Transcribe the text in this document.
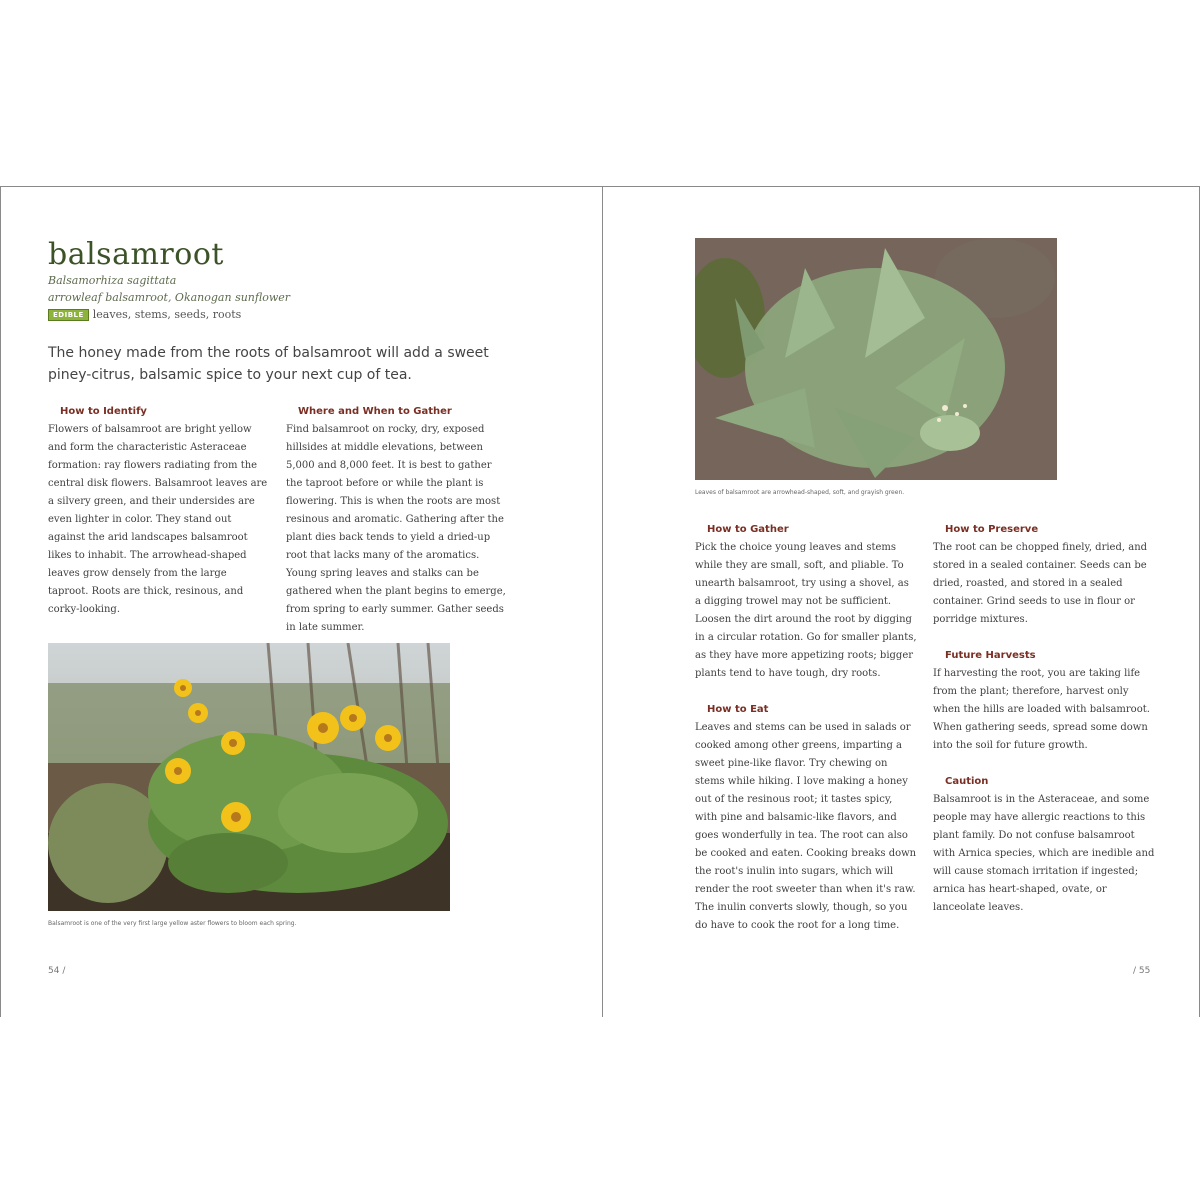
balsamroot
Balsamorhiza sagittata
arrowleaf balsamroot, Okanogan sunflower
EDIBLE leaves, stems, seeds, roots

The honey made from the roots of balsamroot will add a sweet piney-citrus, balsamic spice to your next cup of tea.

How to Identify

Flowers of balsamroot are bright yellow and form the characteristic Asteraceae formation: ray flowers radiating from the central disk flowers. Balsamroot leaves are a silvery green, and their undersides are even lighter in color. They stand out against the arid landscapes balsamroot likes to inhabit. The arrowhead-shaped leaves grow densely from the large taproot. Roots are thick, resinous, and corky-looking.

Where and When to Gather

Find balsamroot on rocky, dry, exposed hillsides at middle elevations, between 5,000 and 8,000 feet. It is best to gather the taproot before or while the plant is flowering. This is when the roots are most resinous and aromatic. Gathering after the plant dies back tends to yield a dried-up root that lacks many of the aromatics. Young spring leaves and stalks can be gathered when the plant begins to emerge, from spring to early summer. Gather seeds in late summer.

Balsamroot is one of the very first large yellow aster flowers to bloom each spring.
54 /
Leaves of balsamroot are arrowhead-shaped, soft, and grayish green.
How to Gather

Pick the choice young leaves and stems while they are small, soft, and pliable. To unearth balsamroot, try using a shovel, as a digging trowel may not be sufficient. Loosen the dirt around the root by digging in a circular rotation. Go for smaller plants, as they have more appetizing roots; bigger plants tend to have tough, dry roots.

How to Eat

Leaves and stems can be used in salads or cooked among other greens, imparting a sweet pine-like flavor. Try chewing on stems while hiking. I love making a honey out of the resinous root; it tastes spicy, with pine and balsamic-like flavors, and goes wonderfully in tea. The root can also be cooked and eaten. Cooking breaks down the root's inulin into sugars, which will render the root sweeter than when it's raw. The inulin converts slowly, though, so you do have to cook the root for a long time.

How to Preserve

The root can be chopped finely, dried, and stored in a sealed container. Seeds can be dried, roasted, and stored in a sealed container. Grind seeds to use in flour or porridge mixtures.

Future Harvests

If harvesting the root, you are taking life from the plant; therefore, harvest only when the hills are loaded with balsamroot. When gathering seeds, spread some down into the soil for future growth.

Caution

Balsamroot is in the Asteraceae, and some people may have allergic reactions to this plant family. Do not confuse balsamroot with Arnica species, which are inedible and will cause stomach irritation if ingested; arnica has heart-shaped, ovate, or lanceolate leaves.

/ 55
